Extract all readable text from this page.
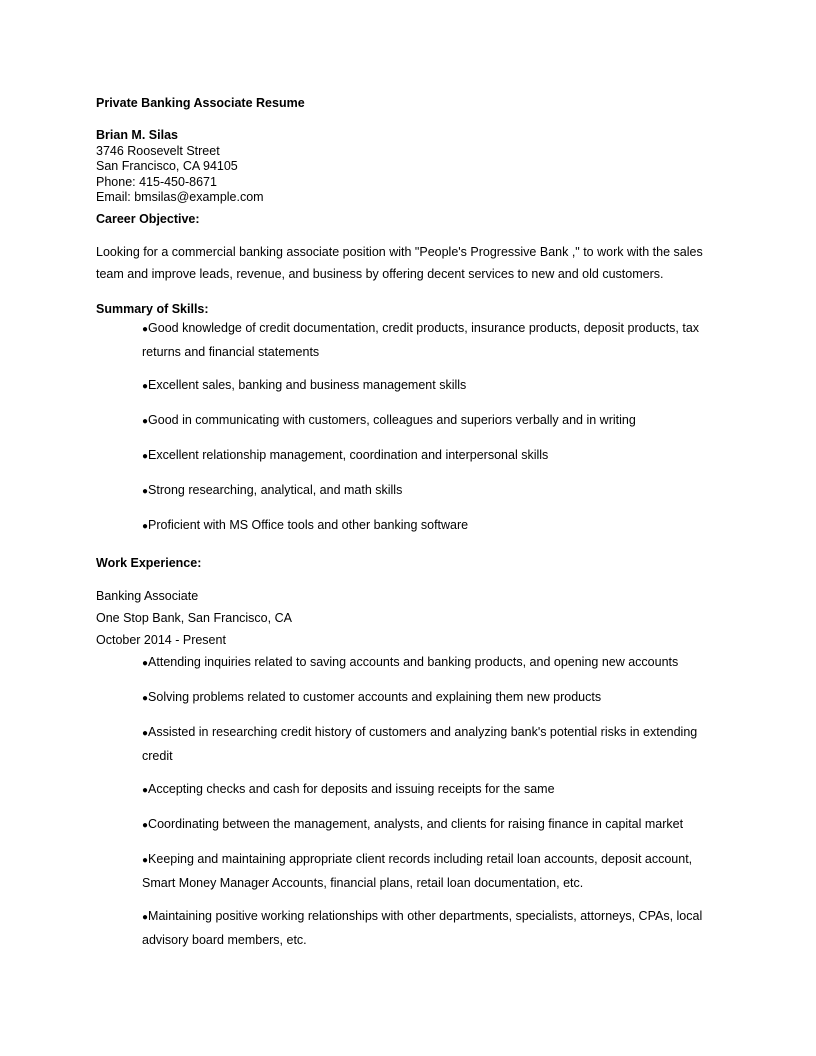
Private Banking Associate Resume
Brian M. Silas
3746 Roosevelt Street
San Francisco, CA 94105
Phone: 415-450-8671
Email: bmsilas@example.com
Career Objective:

Looking for a commercial banking associate position with "People's Progressive Bank ," to work with the sales team and improve leads, revenue, and business by offering decent services to new and old customers.

Summary of Skills:
●Good knowledge of credit documentation, credit products, insurance products, deposit products, tax returns and financial statements
●Excellent sales, banking and business management skills
●Good in communicating with customers, colleagues and superiors verbally and in writing
●Excellent relationship management, coordination and interpersonal skills
●Strong researching, analytical, and math skills
●Proficient with MS Office tools and other banking software
Work Experience:
Banking Associate
One Stop Bank, San Francisco, CA
October 2014 - Present
●Attending inquiries related to saving accounts and banking products, and opening new accounts
●Solving problems related to customer accounts and explaining them new products
●Assisted in researching credit history of customers and analyzing bank's potential risks in extending credit
●Accepting checks and cash for deposits and issuing receipts for the same
●Coordinating between the management, analysts, and clients for raising finance in capital market
●Keeping and maintaining appropriate client records including retail loan accounts, deposit account, Smart Money Manager Accounts, financial plans, retail loan documentation, etc.
●Maintaining positive working relationships with other departments, specialists, attorneys, CPAs, local advisory board members, etc.
